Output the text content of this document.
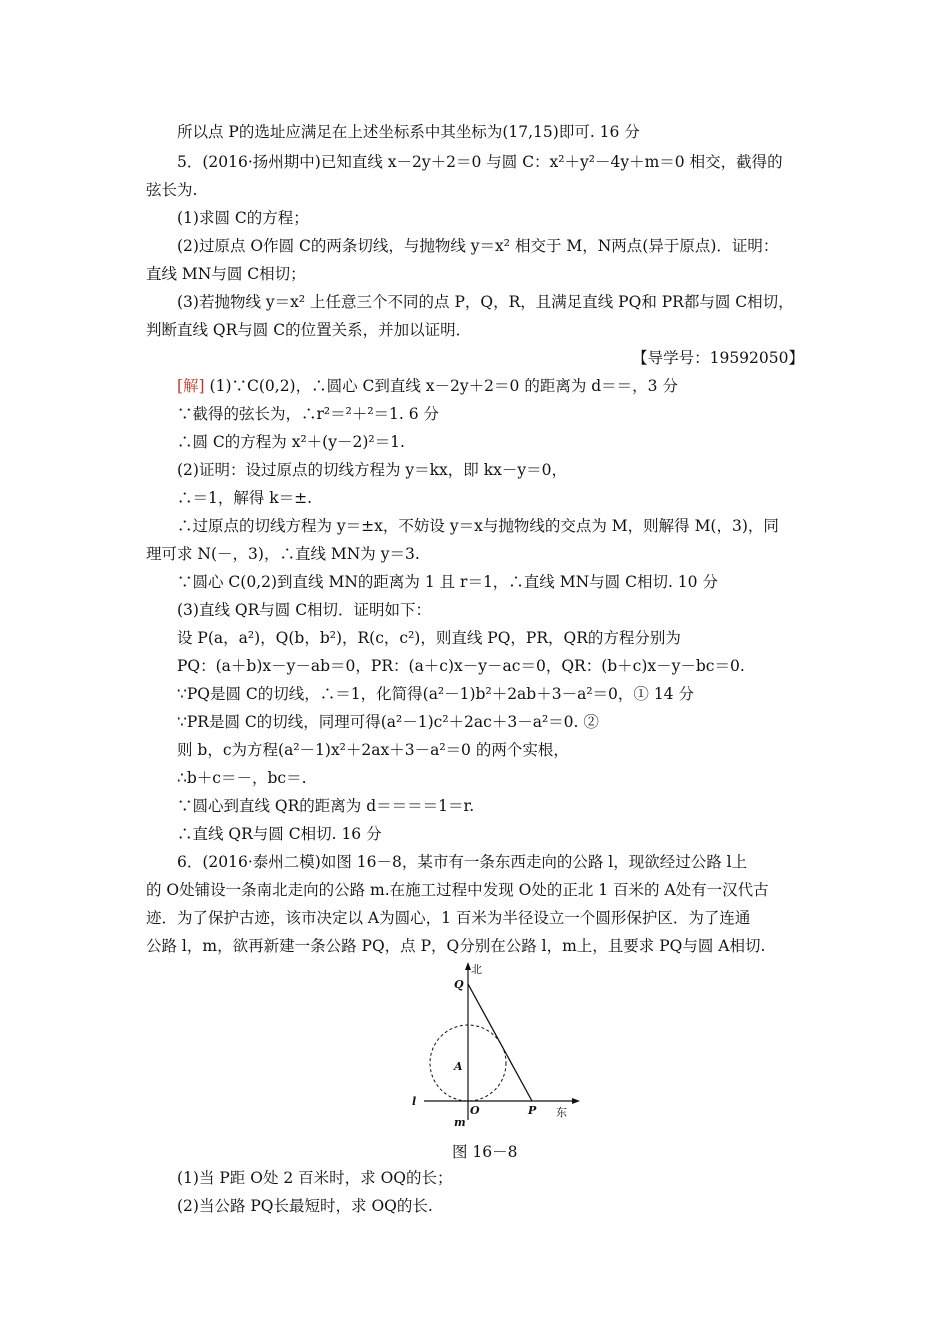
所以点 P的选址应满足在上述坐标系中其坐标为(17,15)即可. 16 分
5．(2016·扬州期中)已知直线 x－2y＋2＝0 与圆 C：x²＋y²－4y＋m＝0 相交，截得的
弦长为.
(1)求圆 C的方程；
(2)过原点 O作圆 C的两条切线，与抛物线 y＝x² 相交于 M，N两点(异于原点)．证明：
直线 MN与圆 C相切；
(3)若抛物线 y＝x² 上任意三个不同的点 P，Q，R，且满足直线 PQ和 PR都与圆 C相切，
判断直线 QR与圆 C的位置关系，并加以证明．
【导学号：19592050】
[解] (1)∵C(0,2)，∴圆心 C到直线 x－2y＋2＝0 的距离为 d＝＝，3 分
∵截得的弦长为，∴r²＝²＋²＝1. 6 分
∴圆 C的方程为 x²＋(y－2)²＝1.
(2)证明：设过原点的切线方程为 y＝kx，即 kx－y＝0，
∴＝1，解得 k＝±.
∴过原点的切线方程为 y＝±x，不妨设 y＝x与抛物线的交点为 M，则解得 M(，3)，同
理可求 N(－，3)，∴直线 MN为 y＝3.
∵圆心 C(0,2)到直线 MN的距离为 1 且 r＝1，∴直线 MN与圆 C相切. 10 分
(3)直线 QR与圆 C相切．证明如下：
设 P(a，a²)，Q(b，b²)，R(c，c²)，则直线 PQ，PR，QR的方程分别为
PQ：(a＋b)x－y－ab＝0，PR：(a＋c)x－y－ac＝0，QR：(b＋c)x－y－bc＝0.
∵PQ是圆 C的切线，∴＝1，化简得(a²－1)b²＋2ab＋3－a²＝0，① 14 分
∵PR是圆 C的切线，同理可得(a²－1)c²＋2ac＋3－a²＝0. ②
则 b，c为方程(a²－1)x²＋2ax＋3－a²＝0 的两个实根，
∴b＋c＝－，bc＝.
∵圆心到直线 QR的距离为 d＝＝＝＝1＝r.
∴直线 QR与圆 C相切. 16 分
6．(2016·泰州二模)如图 16－8，某市有一条东西走向的公路 l，现欲经过公路 l上
的 O处铺设一条南北走向的公路 m.在施工过程中发现 O处的正北 1 百米的 A处有一汉代古
迹．为了保护古迹，该市决定以 A为圆心，1 百米为半径设立一个圆形保护区．为了连通
公路 l，m，欲再新建一条公路 PQ，点 P，Q分别在公路 l，m上，且要求 PQ与圆 A相切.
北
Q
A
l
O	P 东
m
图 16－8
(1)当 P距 O处 2 百米时，求 OQ的长；
(2)当公路 PQ长最短时，求 OQ的长.
